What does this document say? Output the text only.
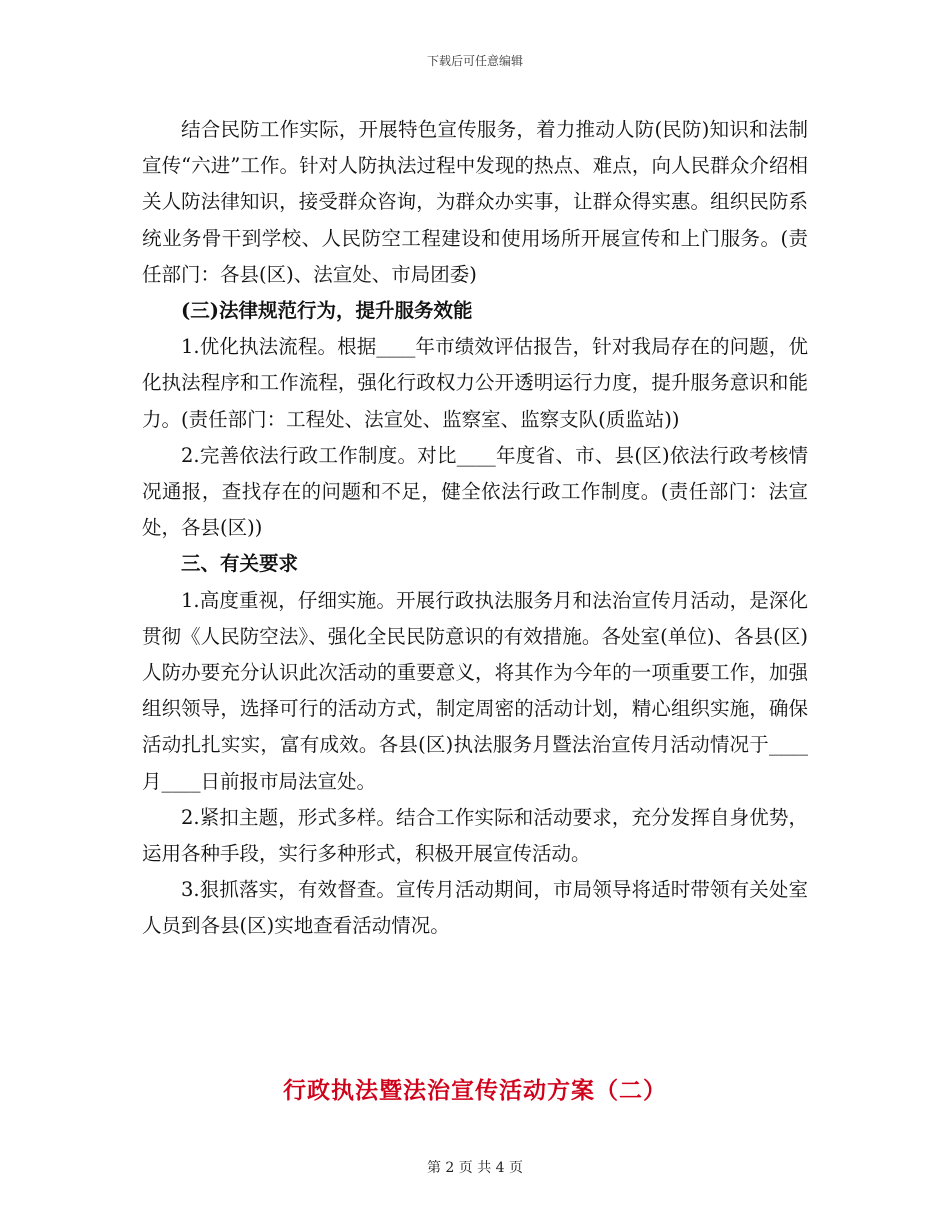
下载后可任意编辑

结合民防工作实际，开展特色宣传服务，着力推动人防(民防)知识和法制宣传“六进”工作。针对人防执法过程中发现的热点、难点，向人民群众介绍相关人防法律知识，接受群众咨询，为群众办实事，让群众得实惠。组织民防系统业务骨干到学校、人民防空工程建设和使用场所开展宣传和上门服务。(责任部门：各县(区)、法宣处、市局团委)

(三)法律规范行为，提升服务效能

1.优化执法流程。根据____年市绩效评估报告，针对我局存在的问题，优化执法程序和工作流程，强化行政权力公开透明运行力度，提升服务意识和能力。(责任部门：工程处、法宣处、监察室、监察支队(质监站))

2.完善依法行政工作制度。对比____年度省、市、县(区)依法行政考核情况通报，查找存在的问题和不足，健全依法行政工作制度。(责任部门：法宣处，各县(区))

三、有关要求

1.高度重视，仔细实施。开展行政执法服务月和法治宣传月活动，是深化贯彻《人民防空法》、强化全民民防意识的有效措施。各处室(单位)、各县(区)人防办要充分认识此次活动的重要意义，将其作为今年的一项重要工作，加强组织领导，选择可行的活动方式，制定周密的活动计划，精心组织实施，确保活动扎扎实实，富有成效。各县(区)执法服务月暨法治宣传月活动情况于____月____日前报市局法宣处。

2.紧扣主题，形式多样。结合工作实际和活动要求，充分发挥自身优势，运用各种手段，实行多种形式，积极开展宣传活动。

3.狠抓落实，有效督查。宣传月活动期间，市局领导将适时带领有关处室人员到各县(区)实地查看活动情况。

行政执法暨法治宣传活动方案（二）
第 2 页 共 4 页
